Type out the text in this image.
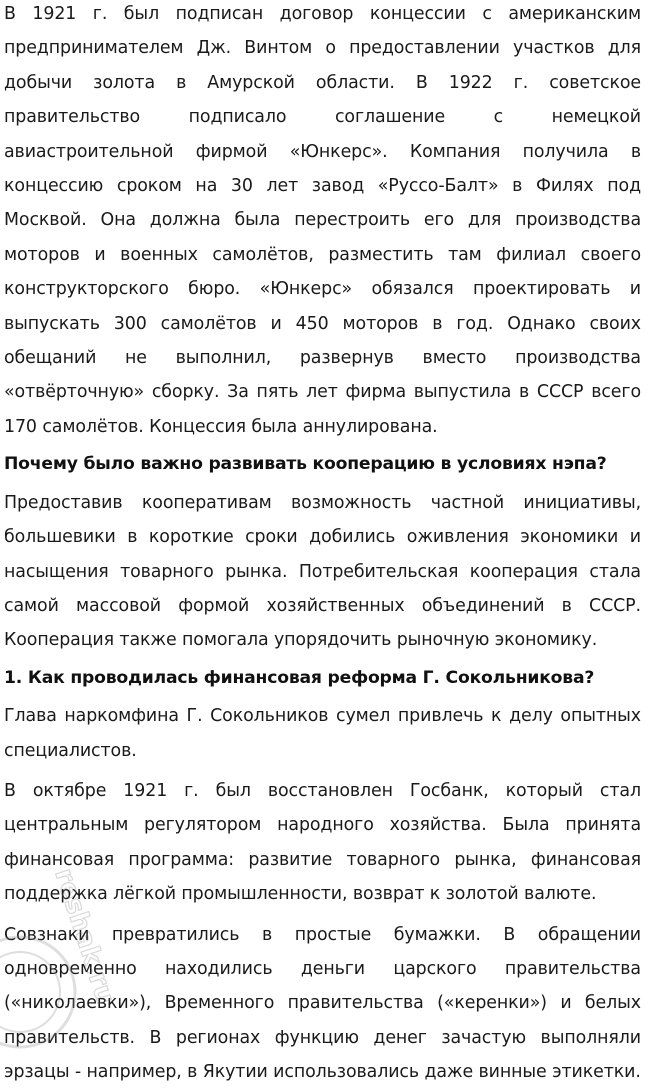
В 1921 г. был подписан договор концессии с американским предпринимателем Дж. Винтом о предоставлении участков для добычи золота в Амурской области. В 1922 г. советское правительство подписало соглашение с немецкой авиастроительной фирмой «Юнкерс». Компания получила в концессию сроком на 30 лет завод «Руссо-Балт» в Филях под Москвой. Она должна была перестроить его для производства моторов и военных самолётов, разместить там филиал своего конструкторского бюро. «Юнкерс» обязался проектировать и выпускать 300 самолётов и 450 моторов в год. Однако своих обещаний не выполнил, развернув вместо производства «отвёрточную» сборку. За пять лет фирма выпустила в СССР всего 170 самолётов. Концессия была аннулирована.

Почему было важно развивать кооперацию в условиях нэпа?

Предоставив кооперативам возможность частной инициативы, большевики в короткие сроки добились оживления экономики и насыщения товарного рынка. Потребительская кооперация стала самой массовой формой хозяйственных объединений в СССР. Кооперация также помогала упорядочить рыночную экономику.

1. Как проводилась финансовая реформа Г. Сокольникова?

Глава наркомфина Г. Сокольников сумел привлечь к делу опытных специалистов.

В октябре 1921 г. был восстановлен Госбанк, который стал центральным регулятором народного хозяйства. Была принята финансовая программа: развитие товарного рынка, финансовая поддержка лёгкой промышленности, возврат к золотой валюте.

Совзнаки превратились в простые бумажки. В обращении одновременно находились деньги царского правительства («николаевки»), Временного правительства («керенки») и белых правительств. В регионах функцию денег зачастую выполняли эрзацы - например, в Якутии использовались даже винные этикетки.

reshak.ru
